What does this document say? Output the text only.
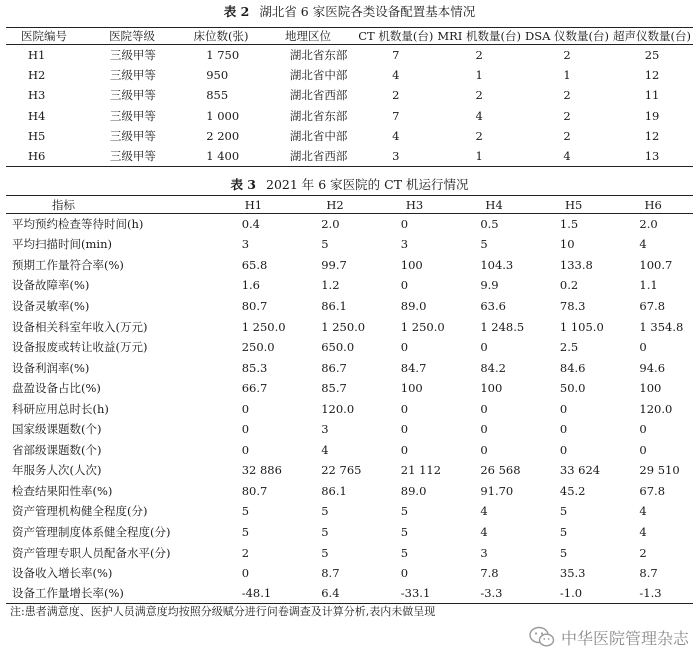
表 2 湖北省 6 家医院各类设备配置基本情况
医院编号	医院等级	床位数(张)	地理区位	CT 机数量(台)	MRI 机数量(台)	DSA 仪数量(台)	超声仪数量(台)
H1	三级甲等	1 750	湖北省东部	7	2	2	25
H2	三级甲等	950	湖北省中部	4	1	1	12
H3	三级甲等	855	湖北省西部	2	2	2	11
H4	三级甲等	1 000	湖北省东部	7	4	2	19
H5	三级甲等	2 200	湖北省中部	4	2	2	12
H6	三级甲等	1 400	湖北省西部	3	1	4	13
表 3 2021 年 6 家医院的 CT 机运行情况
指标	H1	H2	H3	H4	H5	H6
平均预约检查等待时间(h)	0.4	2.0	0	0.5	1.5	2.0
平均扫描时间(min)	3	5	3	5	10	4
预期工作量符合率(%)	65.8	99.7	100	104.3	133.8	100.7
设备故障率(%)	1.6	1.2	0	9.9	0.2	1.1
设备灵敏率(%)	80.7	86.1	89.0	63.6	78.3	67.8
设备相关科室年收入(万元)	1 250.0	1 250.0	1 250.0	1 248.5	1 105.0	1 354.8
设备报废或转让收益(万元)	250.0	650.0	0	0	2.5	0
设备利润率(%)	85.3	86.7	84.7	84.2	84.6	94.6
盘盈设备占比(%)	66.7	85.7	100	100	50.0	100
科研应用总时长(h)	0	120.0	0	0	0	120.0
国家级课题数(个)	0	3	0	0	0	0
省部级课题数(个)	0	4	0	0	0	0
年服务人次(人次)	32 886	22 765	21 112	26 568	33 624	29 510
检查结果阳性率(%)	80.7	86.1	89.0	91.70	45.2	67.8
资产管理机构健全程度(分)	5	5	5	4	5	4
资产管理制度体系健全程度(分)	5	5	5	4	5	4
资产管理专职人员配备水平(分)	2	5	5	3	5	2
设备收入增长率(%)	0	8.7	0	7.8	35.3	8.7
设备工作量增长率(%)	-48.1	6.4	-33.1	-3.3	-1.0	-1.3
注:患者满意度、医护人员满意度均按照分级赋分进行问卷调查及计算分析,表内未做呈现
中华医院管理杂志
